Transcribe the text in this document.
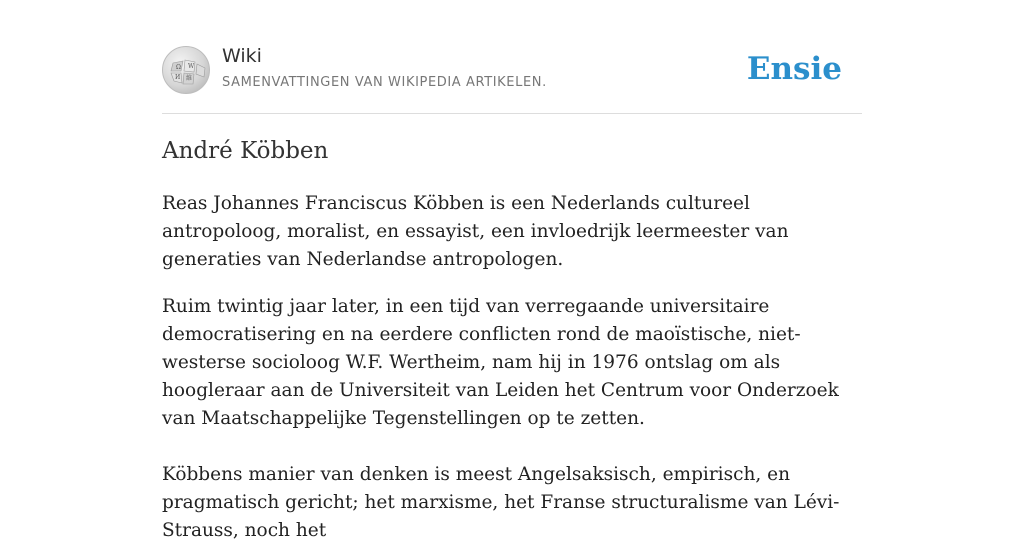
Ω W
И 維
Wiki
SAMENVATTINGEN VAN WIKIPEDIA ARTIKELEN.	Ensie
André Köbben

Reas Johannes Franciscus Köbben is een Nederlands cultureel antropoloog, moralist, en essayist, een invloedrijk leermeester van generaties van Nederlandse antropologen.

Ruim twintig jaar later, in een tijd van verregaande universitaire democratisering en na eerdere conflicten rond de maoïstische, niet-westerse socioloog W.F. Wertheim, nam hij in 1976 ontslag om als hoogleraar aan de Universiteit van Leiden het Centrum voor Onderzoek van Maatschappelijke Tegenstellingen op te zetten.

Köbbens manier van denken is meest Angelsaksisch, empirisch, en pragmatisch gericht; het marxisme, het Franse structuralisme van Lévi-Strauss, noch het
